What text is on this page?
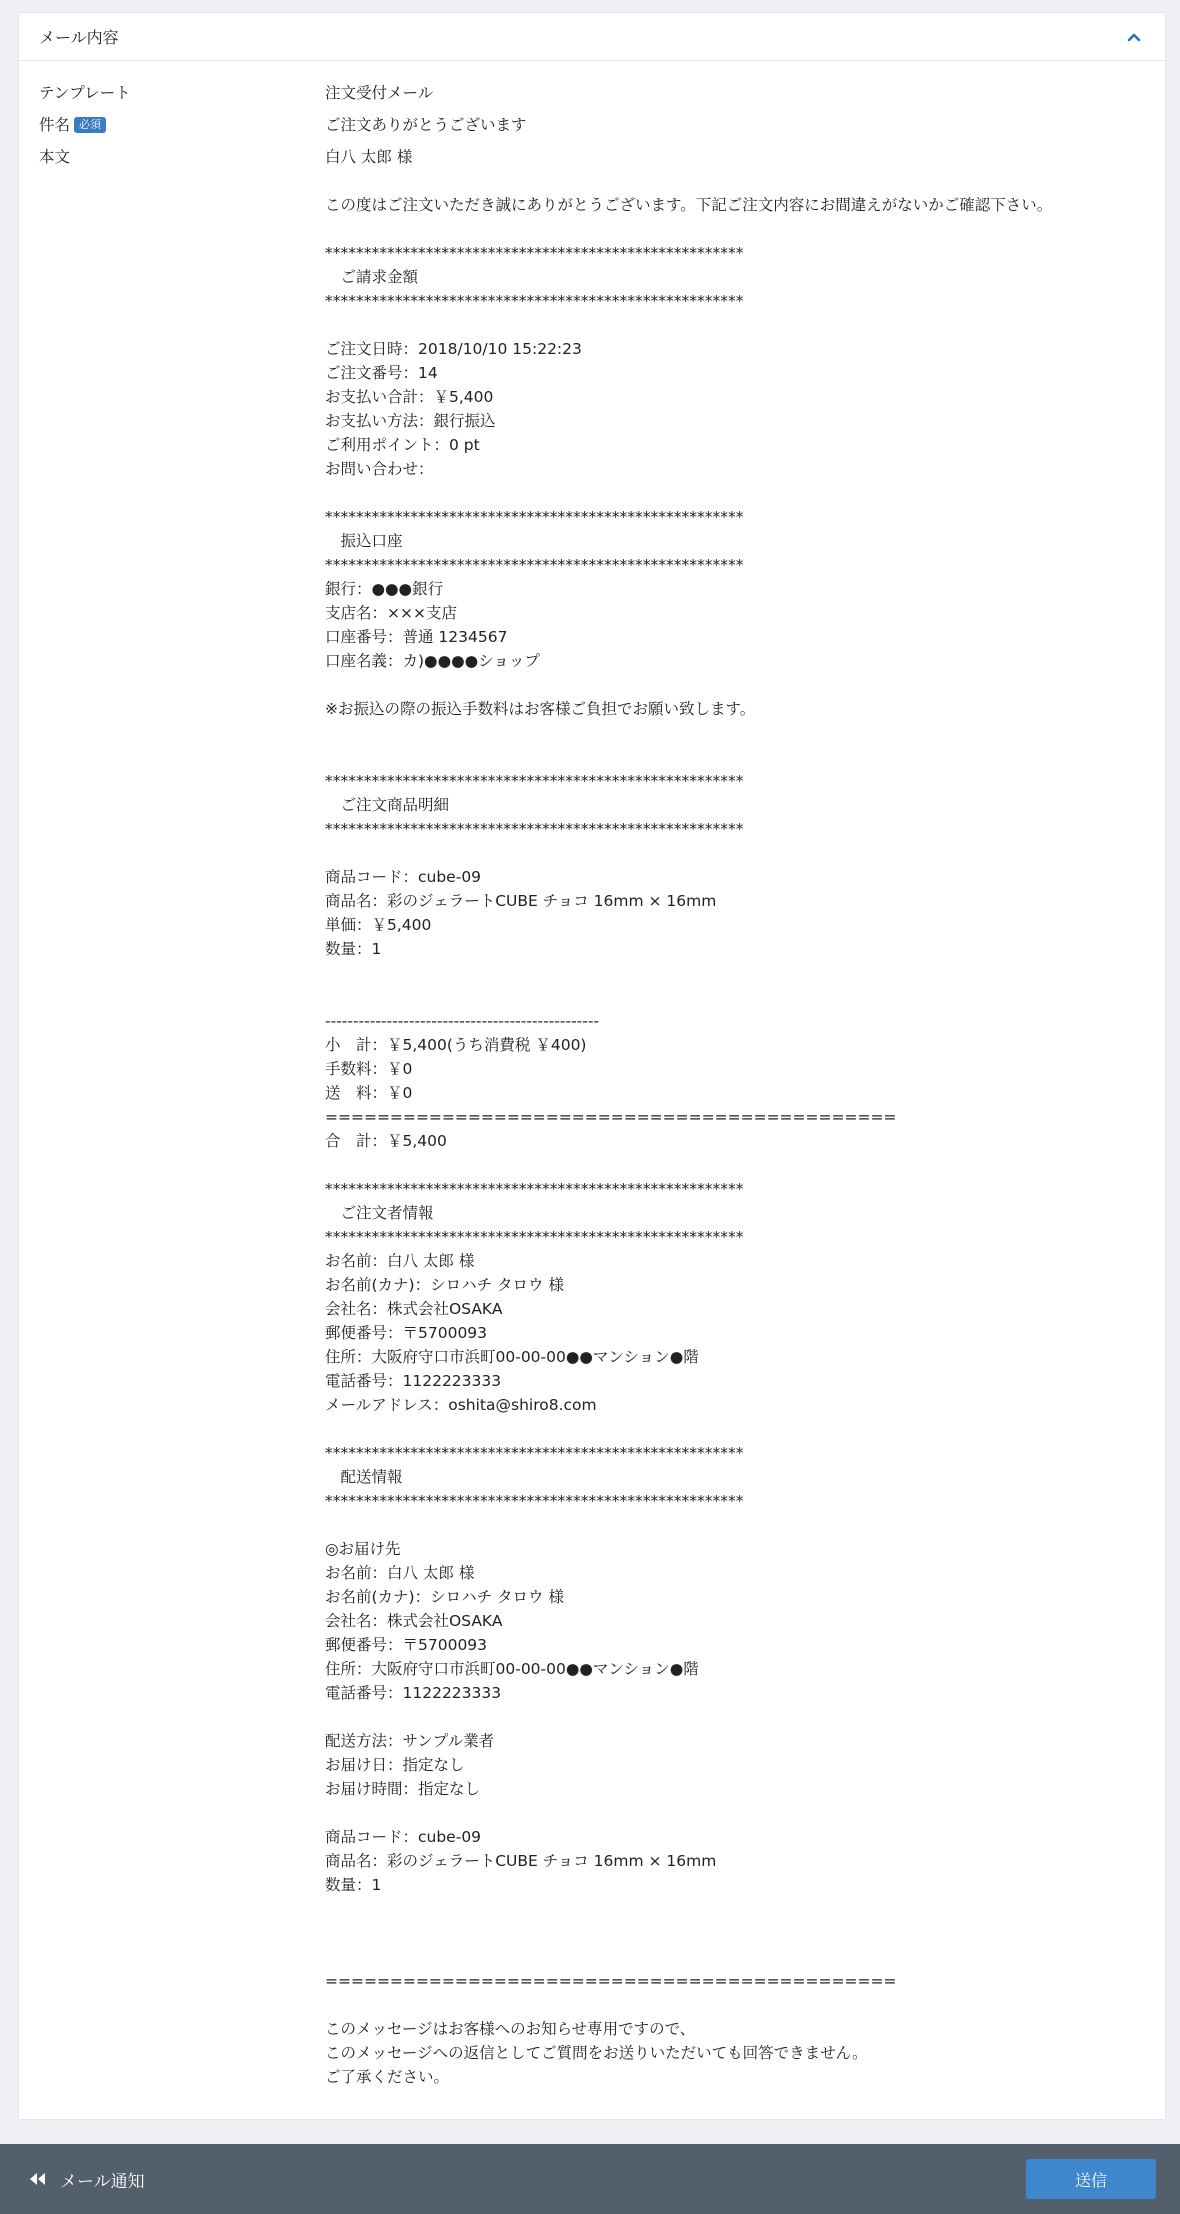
メール内容
テンプレート	注文受付メール
件名 必須	ご注文ありがとうございます
本文	白八 太郎 様
この度はご注文いただき誠にありがとうございます。下記ご注文内容にお間違えがないかご確認下さい。
******************************************************
　ご請求金額
******************************************************
ご注文日時：2018/10/10 15:22:23
ご注文番号：14
お支払い合計：￥5,400
お支払い方法：銀行振込
ご利用ポイント：0 pt
お問い合わせ：
******************************************************
　振込口座
******************************************************
銀行：●●●銀行
支店名：×××支店
口座番号：普通 1234567
口座名義：カ)●●●●ショップ
※お振込の際の振込手数料はお客様ご負担でお願い致します。
******************************************************
　ご注文商品明細
******************************************************
商品コード：cube-09
商品名：彩のジェラートCUBE チョコ 16mm × 16mm
単価：￥5,400
数量：1
-------------------------------------------------
小　計：￥5,400(うち消費税 ￥400)
手数料：￥0
送　料：￥0
============================================
合　計：￥5,400
******************************************************
　ご注文者情報
******************************************************
お名前：白八 太郎 様
お名前(カナ)：シロハチ タロウ 様
会社名：株式会社OSAKA
郵便番号：〒5700093
住所：大阪府守口市浜町00-00-00●●マンション●階
電話番号：1122223333
メールアドレス：oshita@shiro8.com
******************************************************
　配送情報
******************************************************
◎お届け先
お名前：白八 太郎 様
お名前(カナ)：シロハチ タロウ 様
会社名：株式会社OSAKA
郵便番号：〒5700093
住所：大阪府守口市浜町00-00-00●●マンション●階
電話番号：1122223333
配送方法：サンプル業者
お届け日：指定なし
お届け時間：指定なし
商品コード：cube-09
商品名：彩のジェラートCUBE チョコ 16mm × 16mm
数量：1
============================================
このメッセージはお客様へのお知らせ専用ですので、
このメッセージへの返信としてご質問をお送りいただいても回答できません。
ご了承ください。
メール通知	送信
